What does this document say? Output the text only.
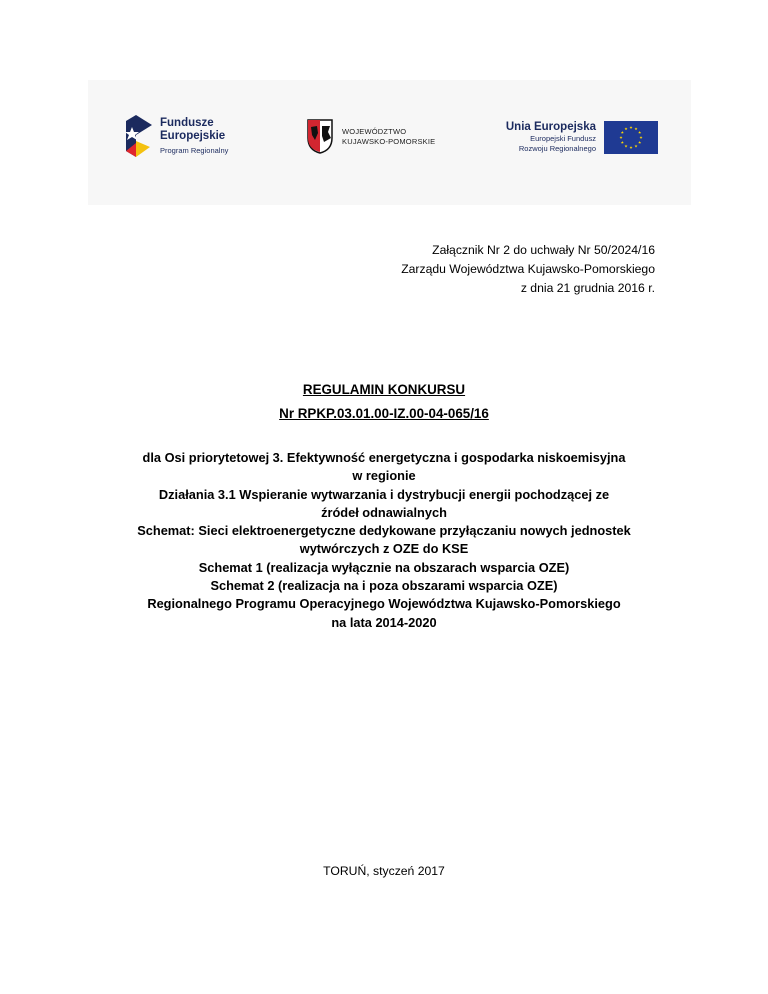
Fundusze
Europejskie
Program Regionalny
WOJEWÓDZTWO
KUJAWSKO-POMORSKIE
Unia Europejska
Europejski Fundusz
Rozwoju Regionalnego
Załącznik Nr 2 do uchwały Nr 50/2024/16
Zarządu Województwa Kujawsko-Pomorskiego
z dnia 21 grudnia 2016 r.
REGULAMIN KONKURSU
Nr RPKP.03.01.00-IZ.00-04-065/16
dla Osi priorytetowej 3. Efektywność energetyczna i gospodarka niskoemisyjna
w regionie
Działania 3.1 Wspieranie wytwarzania i dystrybucji energii pochodzącej ze
źródeł odnawialnych
Schemat: Sieci elektroenergetyczne dedykowane przyłączaniu nowych jednostek
wytwórczych z OZE do KSE
Schemat 1 (realizacja wyłącznie na obszarach wsparcia OZE)
Schemat 2 (realizacja na i poza obszarami wsparcia OZE)
Regionalnego Programu Operacyjnego Województwa Kujawsko-Pomorskiego
na lata 2014-2020
TORUŃ, styczeń 2017
